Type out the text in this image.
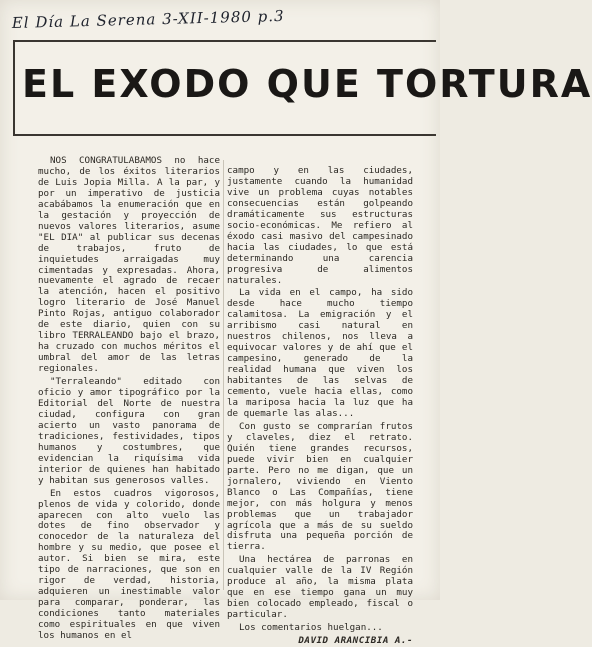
El Día La Serena 3-XII-1980 p.3
EL EXODO QUE TORTURA

NOS CONGRATULABAMOS no hace mucho, de los éxitos literarios de Luis Jopia Milla. A la par, y por un imperativo de justicia acabábamos la enumeración que en la gestación y proyección de nuevos valores literarios, asume "EL DIA" al publicar sus decenas de trabajos, fruto de inquietudes arraigadas muy cimentadas y expresadas. Ahora, nuevamente el agrado de recaer la atención, hacen el positivo logro literario de José Manuel Pinto Rojas, antiguo colaborador de este diario, quien con su libro TERRALEANDO bajo el brazo, ha cruzado con muchos méritos el umbral del amor de las letras regionales.

"Terraleando" editado con oficio y amor tipográfico por la Editorial del Norte de nuestra ciudad, configura con gran acierto un vasto panorama de tradiciones, festividades, tipos humanos y costumbres, que evidencian la riquísima vida interior de quienes han habitado y habitan sus generosos valles.

En estos cuadros vigorosos, plenos de vida y colorido, donde aparecen con alto vuelo las dotes de fino observador y conocedor de la naturaleza del hombre y su medio, que posee el autor. Si bien se mira, este tipo de narraciones, que son en rigor de verdad, historia, adquieren un inestimable valor para comparar, ponderar, las condiciones tanto materiales como espirituales en que viven los humanos en el

campo y en las ciudades, justamente cuando la humanidad vive un problema cuyas notables consecuencias están golpeando dramáticamente sus estructuras socio-económicas. Me refiero al éxodo casi masivo del campesinado hacia las ciudades, lo que está determinando una carencia progresiva de alimentos naturales.

La vida en el campo, ha sido desde hace mucho tiempo calamitosa. La emigración y el arribismo casi natural en nuestros chilenos, nos lleva a equivocar valores y de ahí que el campesino, generado de la realidad humana que viven los habitantes de las selvas de cemento, vuele hacia ellas, como la mariposa hacia la luz que ha de quemarle las alas...

Con gusto se comprarían frutos y claveles, diez el retrato. Quién tiene grandes recursos, puede vivir bien en cualquier parte. Pero no me digan, que un jornalero, viviendo en Viento Blanco o Las Compañías, tiene mejor, con más holgura y menos problemas que un trabajador agrícola que a más de su sueldo disfruta una pequeña porción de tierra.

Una hectárea de parronas en cualquier valle de la IV Región produce al año, la misma plata que en ese tiempo gana un muy bien colocado empleado, fiscal o particular.

Los comentarios huelgan...

DAVID ARANCIBIA A.-
